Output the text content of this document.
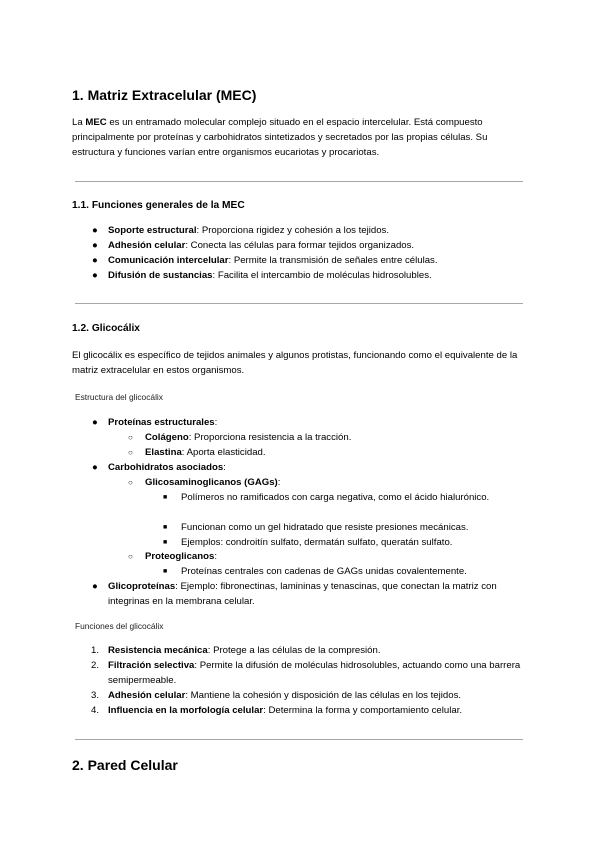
1. Matriz Extracelular (MEC)

La MEC es un entramado molecular complejo situado en el espacio intercelular. Está compuesto principalmente por proteínas y carbohidratos sintetizados y secretados por las propias células. Su estructura y funciones varían entre organismos eucariotas y procariotas.

1.1. Funciones generales de la MEC
● Soporte estructural: Proporciona rigidez y cohesión a los tejidos.
● Adhesión celular: Conecta las células para formar tejidos organizados.
● Comunicación intercelular: Permite la transmisión de señales entre células.
● Difusión de sustancias: Facilita el intercambio de moléculas hidrosolubles.
1.2. Glicocálix

El glicocálix es específico de tejidos animales y algunos protistas, funcionando como el equivalente de la matriz extracelular en estos organismos.

Estructura del glicocálix
● Proteínas estructurales:
○ Colágeno: Proporciona resistencia a la tracción.
○ Elastina: Aporta elasticidad.
● Carbohidratos asociados:
○ Glicosaminoglicanos (GAGs):
■ Polímeros no ramificados con carga negativa, como el ácido hialurónico.
■ Funcionan como un gel hidratado que resiste presiones mecánicas.
■ Ejemplos: condroitín sulfato, dermatán sulfato, queratán sulfato.
○ Proteoglicanos:
■ Proteínas centrales con cadenas de GAGs unidas covalentemente.
● Glicoproteínas: Ejemplo: fibronectinas, lamininas y tenascinas, que conectan la matriz con integrinas en la membrana celular.
Funciones del glicocálix
1. Resistencia mecánica: Protege a las células de la compresión.
2. Filtración selectiva: Permite la difusión de moléculas hidrosolubles, actuando como una barrera semipermeable.
3. Adhesión celular: Mantiene la cohesión y disposición de las células en los tejidos.
4. Influencia en la morfología celular: Determina la forma y comportamiento celular.
2. Pared Celular
